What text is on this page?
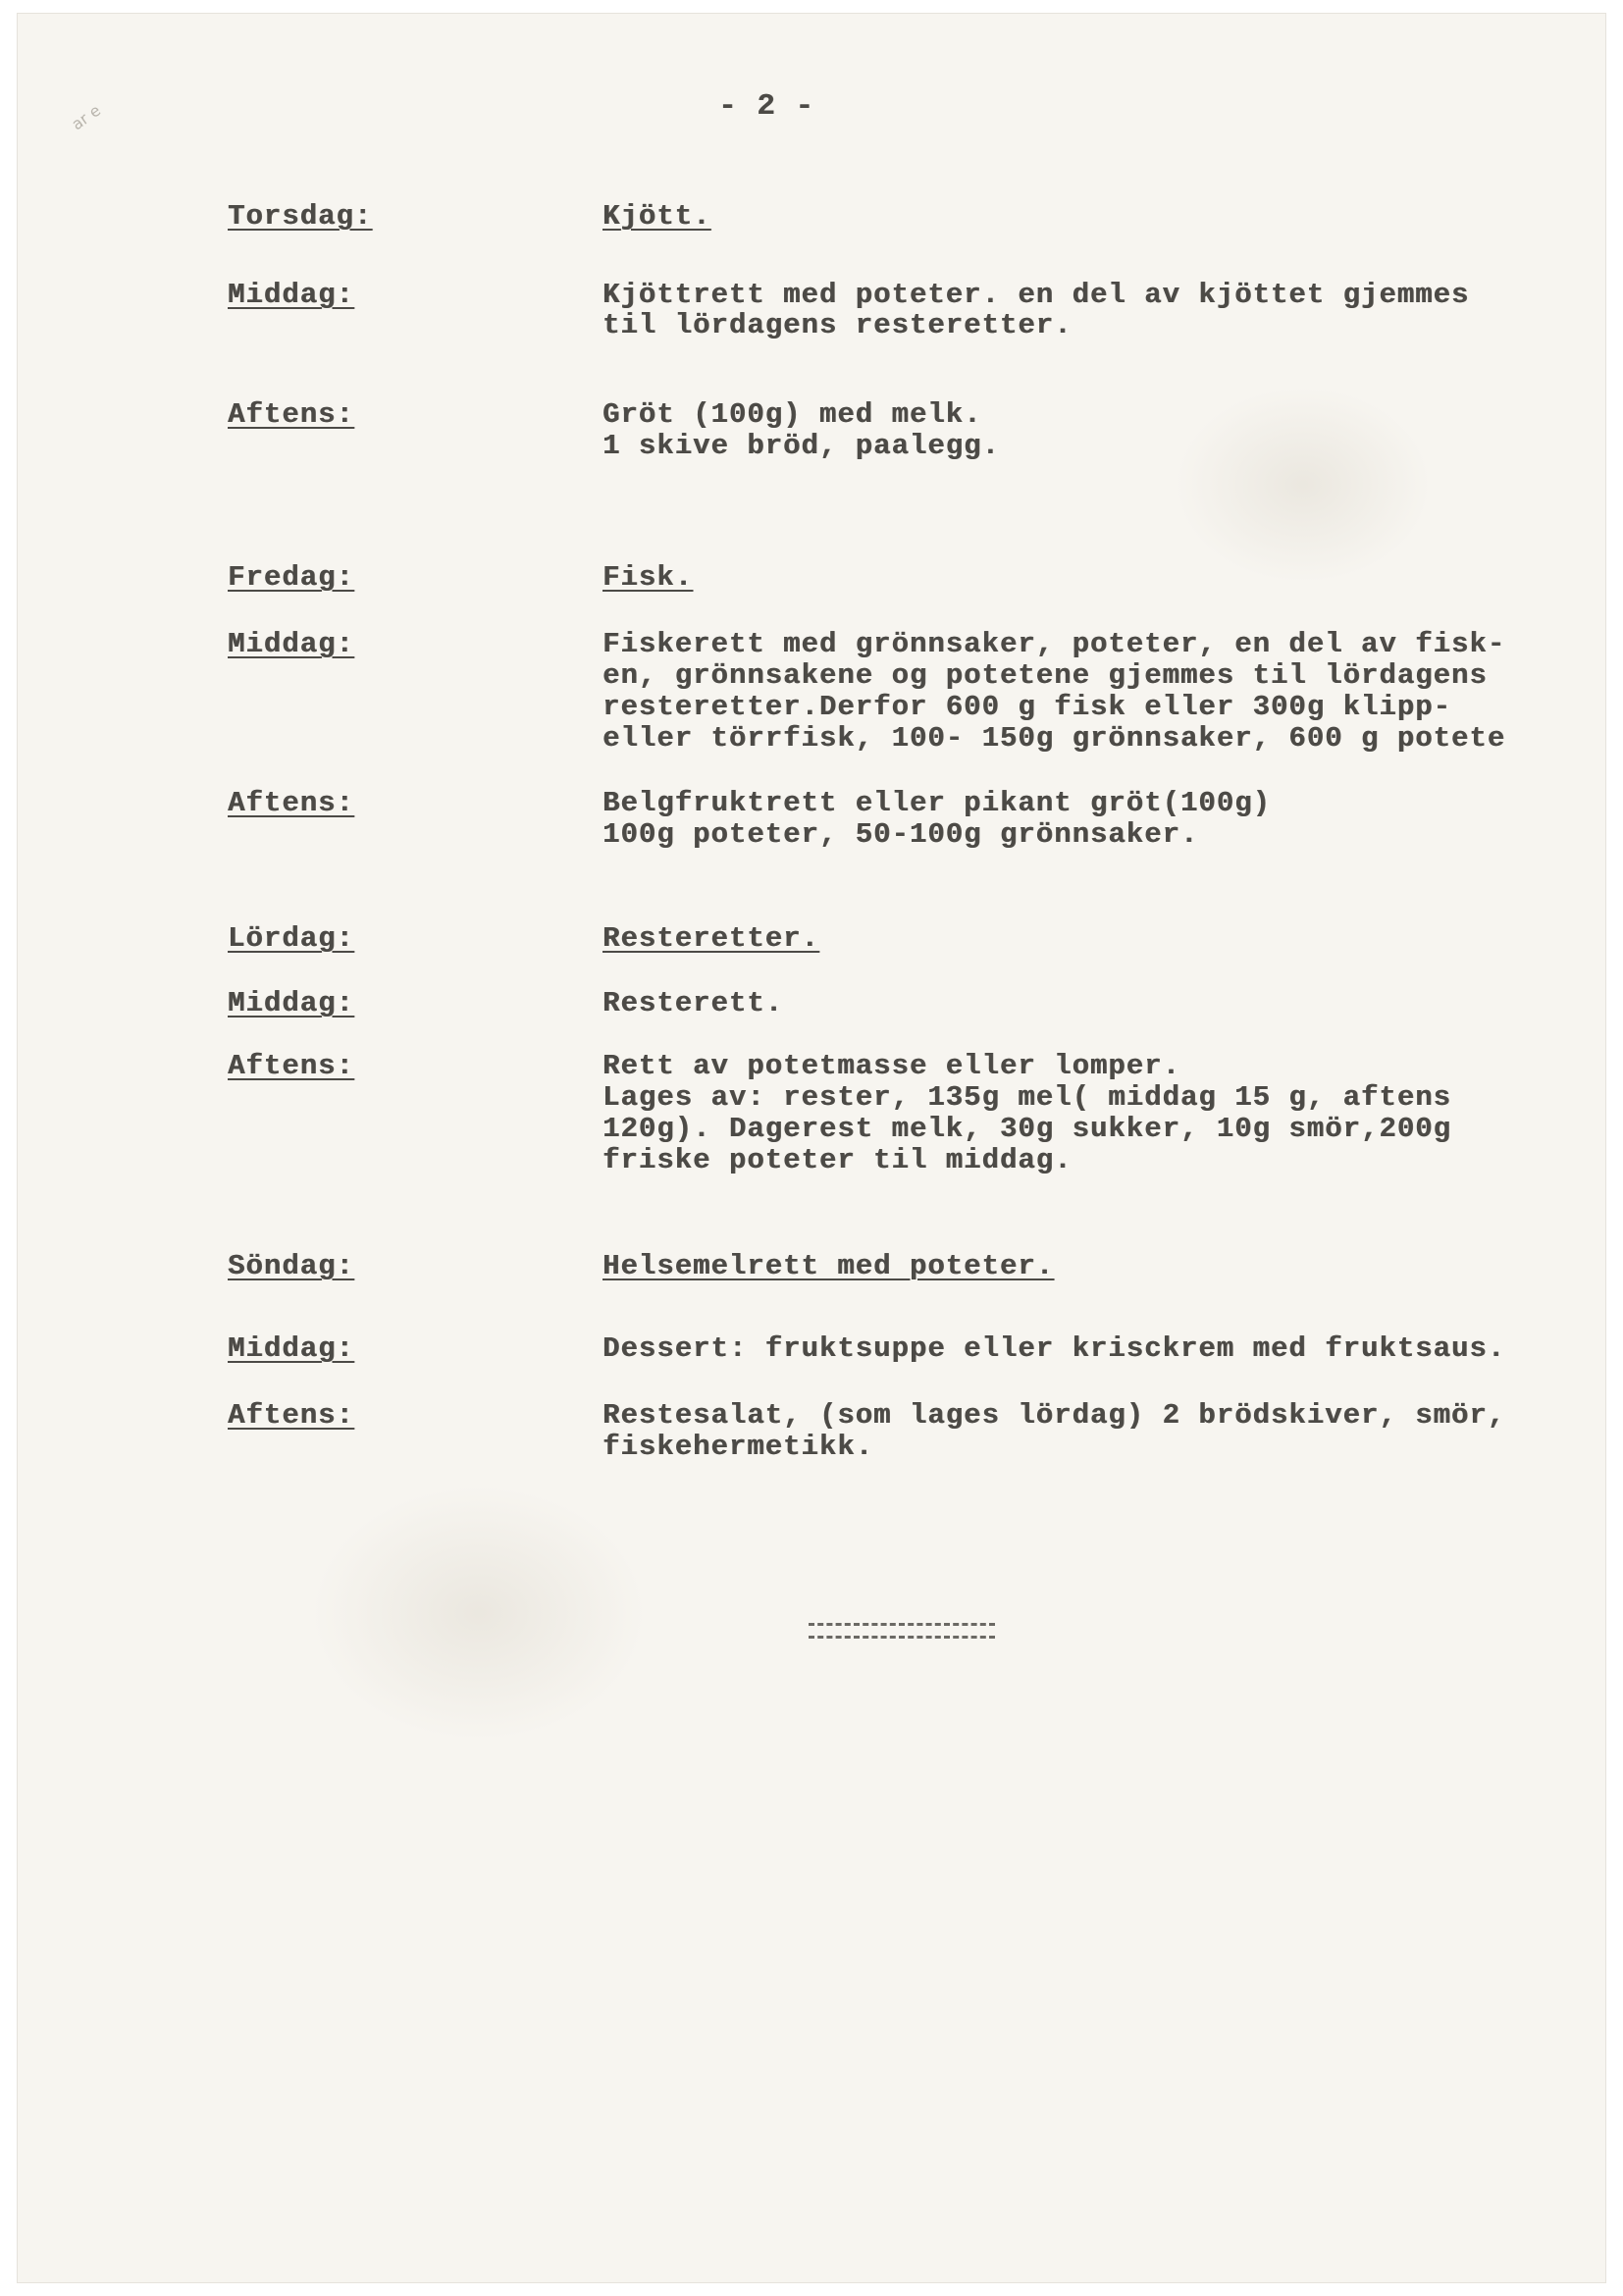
ar e	- 2 -
Torsdag:	Kjött.
Middag:	Kjöttrett med poteter. en del av kjöttet gjemmes
til lördagens resteretter.
Aftens:	Gröt (100g) med melk.
1 skive bröd, paalegg.
Fredag:	Fisk.
Middag:	Fiskerett med grönnsaker, poteter, en del av fisk-
en, grönnsakene og potetene gjemmes til lördagens
resteretter.Derfor 600 g fisk eller 300g klipp-
eller törrfisk, 100- 150g grönnsaker, 600 g potete
Aftens:	Belgfruktrett eller pikant gröt(100g)
100g poteter, 50-100g grönnsaker.
Lördag:	Resteretter.
Middag:	Resterett.
Aftens:	Rett av potetmasse eller lomper.
Lages av: rester, 135g mel( middag 15 g, aftens
120g). Dagerest melk, 30g sukker, 10g smör,200g
friske poteter til middag.
Söndag:	Helsemelrett med poteter.
Middag:	Dessert: fruktsuppe eller krisckrem med fruktsaus.
Aftens:	Restesalat, (som lages lördag) 2 brödskiver, smör,
fiskehermetikk.
